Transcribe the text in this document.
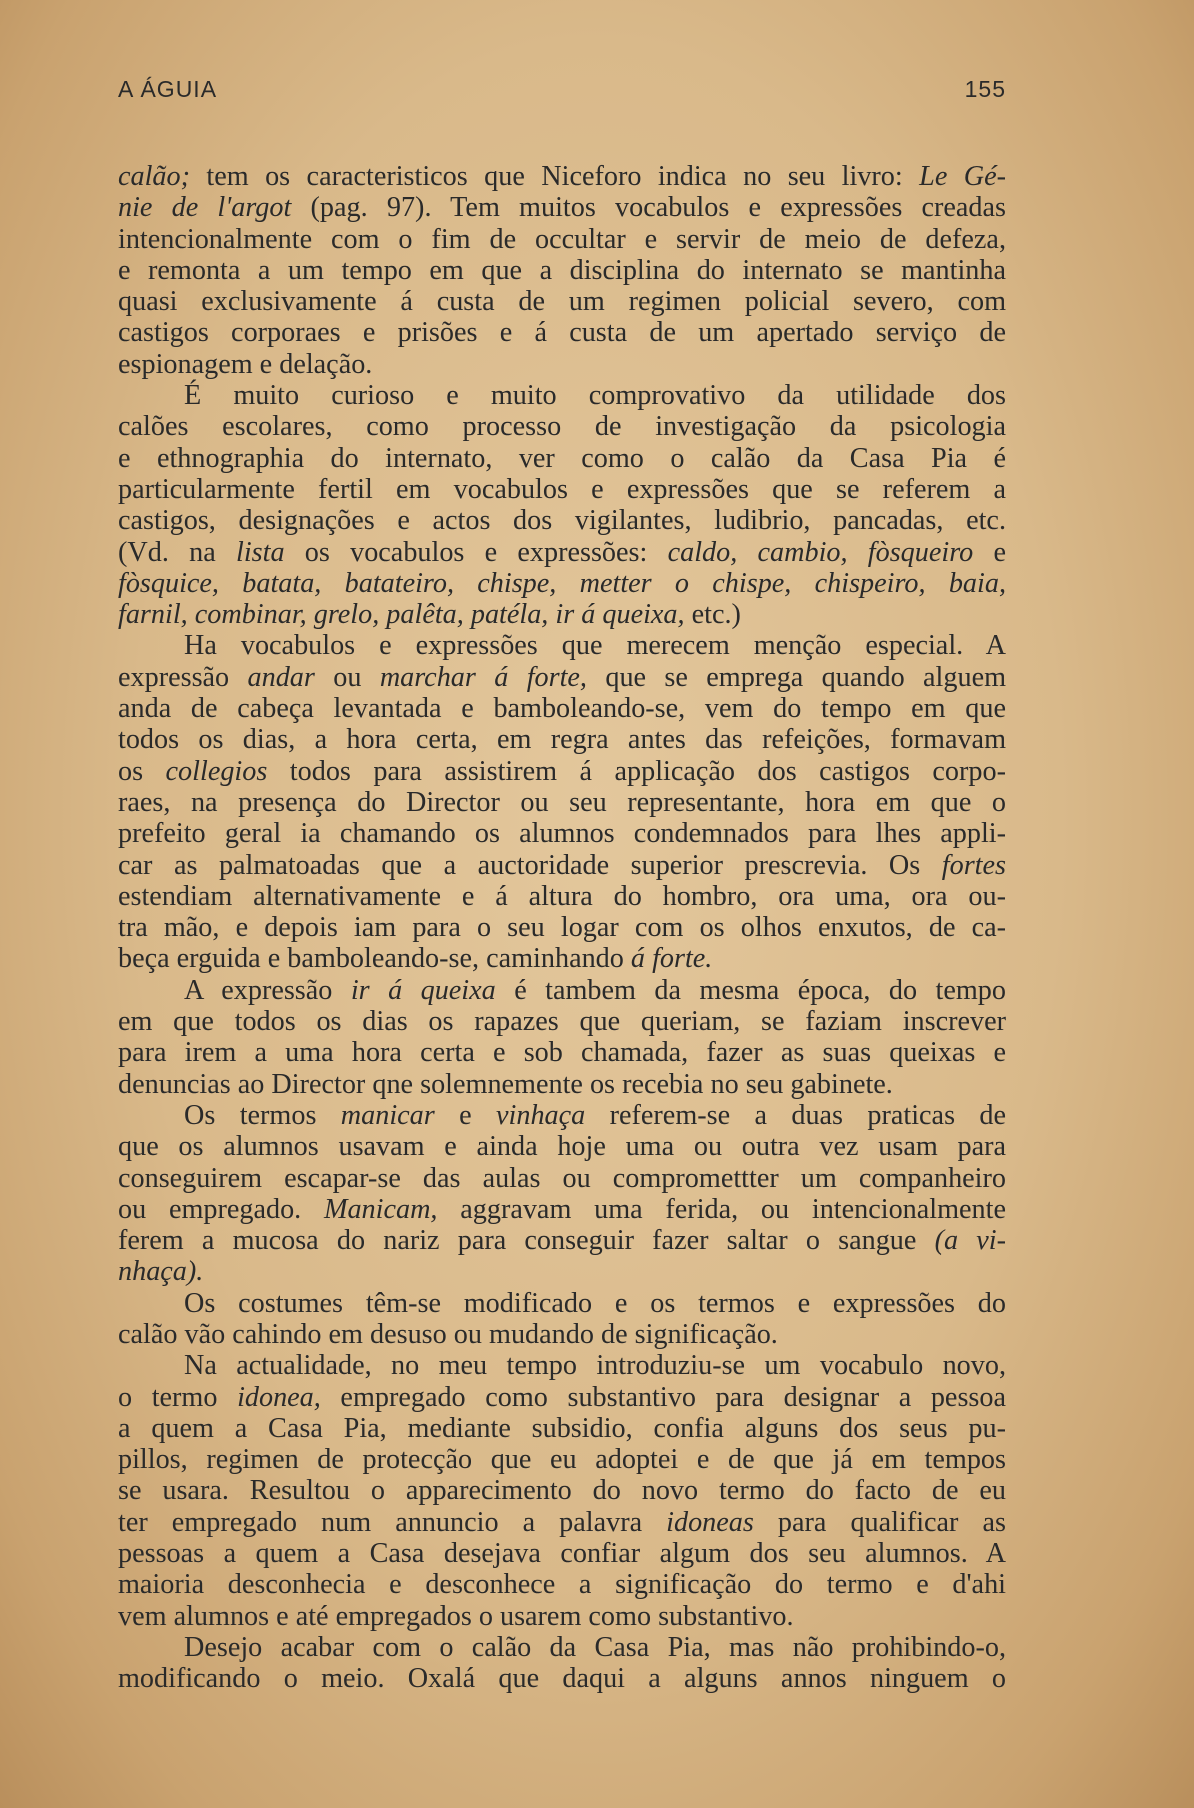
A ÁGUIA	155
calão; tem os caracteristicos que Niceforo indica no seu livro: Le Gé-
nie de l'argot (pag. 97). Tem muitos vocabulos e expressões creadas
intencionalmente com o fim de occultar e servir de meio de defeza,
e remonta a um tempo em que a disciplina do internato se mantinha
quasi exclusivamente á custa de um regimen policial severo, com
castigos corporaes e prisões e á custa de um apertado serviço de
espionagem e delação.
É muito curioso e muito comprovativo da utilidade dos
calões escolares, como processo de investigação da psicologia
e ethnographia do internato, ver como o calão da Casa Pia é
particularmente fertil em vocabulos e expressões que se referem a
castigos, designações e actos dos vigilantes, ludibrio, pancadas, etc.
(Vd. na lista os vocabulos e expressões: caldo, cambio, fòsqueiro e
fòsquice, batata, batateiro, chispe, metter o chispe, chispeiro, baia,
farnil, combinar, grelo, palêta, patéla, ir á queixa, etc.)
Ha vocabulos e expressões que merecem menção especial. A
expressão andar ou marchar á forte, que se emprega quando alguem
anda de cabeça levantada e bamboleando-se, vem do tempo em que
todos os dias, a hora certa, em regra antes das refeições, formavam
os collegios todos para assistirem á applicação dos castigos corpo-
raes, na presença do Director ou seu representante, hora em que o
prefeito geral ia chamando os alumnos condemnados para lhes appli-
car as palmatoadas que a auctoridade superior prescrevia. Os fortes
estendiam alternativamente e á altura do hombro, ora uma, ora ou-
tra mão, e depois iam para o seu logar com os olhos enxutos, de ca-
beça erguida e bamboleando-se, caminhando á forte.
A expressão ir á queixa é tambem da mesma época, do tempo
em que todos os dias os rapazes que queriam, se faziam inscrever
para irem a uma hora certa e sob chamada, fazer as suas queixas e
denuncias ao Director qne solemnemente os recebia no seu gabinete.
Os termos manicar e vinhaça referem-se a duas praticas de
que os alumnos usavam e ainda hoje uma ou outra vez usam para
conseguirem escapar-se das aulas ou compromettter um companheiro
ou empregado. Manicam, aggravam uma ferida, ou intencionalmente
ferem a mucosa do nariz para conseguir fazer saltar o sangue (a vi-
nhaça).
Os costumes têm-se modificado e os termos e expressões do
calão vão cahindo em desuso ou mudando de significação.
Na actualidade, no meu tempo introduziu-se um vocabulo novo,
o termo idonea, empregado como substantivo para designar a pessoa
a quem a Casa Pia, mediante subsidio, confia alguns dos seus pu-
pillos, regimen de protecção que eu adoptei e de que já em tempos
se usara. Resultou o apparecimento do novo termo do facto de eu
ter empregado num annuncio a palavra idoneas para qualificar as
pessoas a quem a Casa desejava confiar algum dos seu alumnos. A
maioria desconhecia e desconhece a significação do termo e d'ahi
vem alumnos e até empregados o usarem como substantivo.
Desejo acabar com o calão da Casa Pia, mas não prohibindo-o,
modificando o meio. Oxalá que daqui a alguns annos ninguem o
